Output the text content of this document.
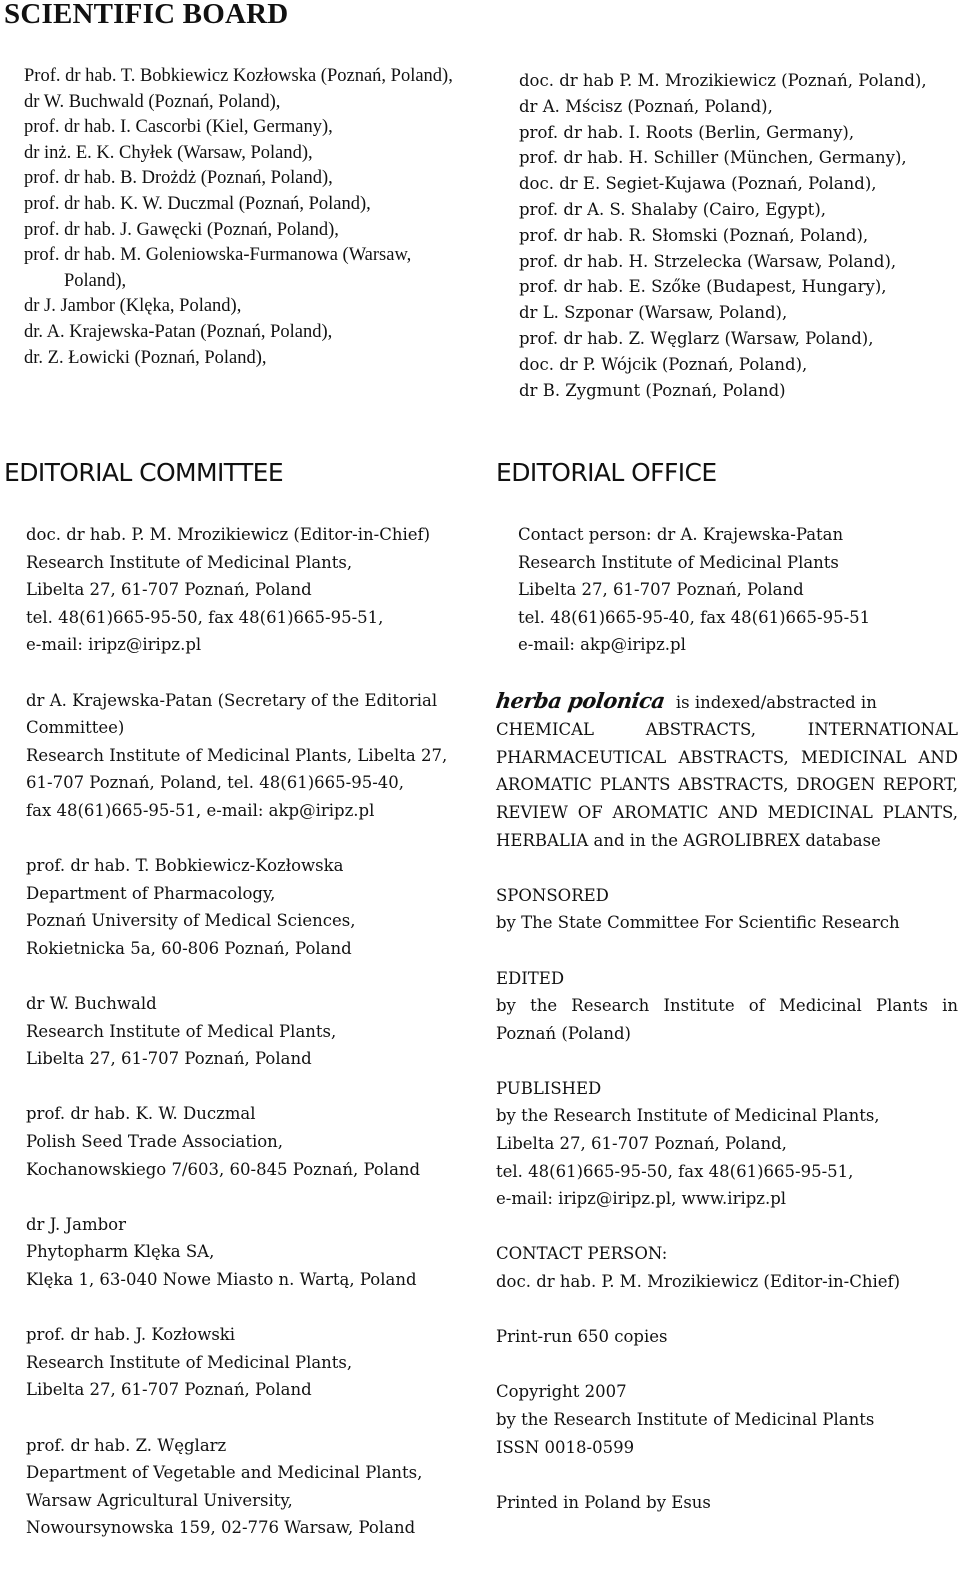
SCIENTIFIC BOARD
Prof. dr hab. T. Bobkiewicz Kozłowska (Poznań, Poland),
dr W. Buchwald (Poznań, Poland),
prof. dr hab. I. Cascorbi (Kiel, Germany),
dr inż. E. K. Chyłek (Warsaw, Poland),
prof. dr hab. B. Drożdż (Poznań, Poland),
prof. dr hab. K. W. Duczmal (Poznań, Poland),
prof. dr hab. J. Gawęcki (Poznań, Poland),
prof. dr hab. M. Goleniowska-Furmanowa (Warsaw, Poland),
dr J. Jambor (Klęka, Poland),
dr. A. Krajewska-Patan (Poznań, Poland),
dr. Z. Łowicki (Poznań, Poland),
doc. dr hab P. M. Mrozikiewicz (Poznań, Poland),
dr A. Mścisz (Poznań, Poland),
prof. dr hab. I. Roots (Berlin, Germany),
prof. dr hab. H. Schiller (München, Germany),
doc. dr E. Segiet-Kujawa (Poznań, Poland),
prof. dr A. S. Shalaby (Cairo, Egypt),
prof. dr hab. R. Słomski (Poznań, Poland),
prof. dr hab. H. Strzelecka (Warsaw, Poland),
prof. dr hab. E. Szőke (Budapest, Hungary),
dr L. Szponar (Warsaw, Poland),
prof. dr hab. Z. Węglarz (Warsaw, Poland),
doc. dr P. Wójcik (Poznań, Poland),
dr B. Zygmunt (Poznań, Poland)
EDITORIAL COMMITTEE	EDITORIAL OFFICE
doc. dr hab. P. M. Mrozikiewicz (Editor-in-Chief)
Research Institute of Medicinal Plants,
Libelta 27, 61-707 Poznań, Poland
tel. 48(61)665-95-50, fax 48(61)665-95-51,
e-mail: iripz@iripz.pl
dr A. Krajewska-Patan (Secretary of the Editorial
Committee)
Research Institute of Medicinal Plants, Libelta 27,
61-707 Poznań, Poland, tel. 48(61)665-95-40,
fax 48(61)665-95-51, e-mail: akp@iripz.pl
prof. dr hab. T. Bobkiewicz-Kozłowska
Department of Pharmacology,
Poznań University of Medical Sciences,
Rokietnicka 5a, 60-806 Poznań, Poland
dr W. Buchwald
Research Institute of Medical Plants,
Libelta 27, 61-707 Poznań, Poland
prof. dr hab. K. W. Duczmal
Polish Seed Trade Association,
Kochanowskiego 7/603, 60-845 Poznań, Poland
dr J. Jambor
Phytopharm Klęka SA,
Klęka 1, 63-040 Nowe Miasto n. Wartą, Poland
prof. dr hab. J. Kozłowski
Research Institute of Medicinal Plants,
Libelta 27, 61-707 Poznań, Poland
prof. dr hab. Z. Węglarz
Department of Vegetable and Medicinal Plants,
Warsaw Agricultural University,
Nowoursynowska 159, 02-776 Warsaw, Poland
Contact person: dr A. Krajewska-Patan
Research Institute of Medicinal Plants
Libelta 27, 61-707 Poznań, Poland
tel. 48(61)665-95-40, fax 48(61)665-95-51
e-mail: akp@iripz.pl
herba polonica is indexed/abstracted in
CHEMICAL ABSTRACTS, INTERNATIONAL PHARMACEUTICAL ABSTRACTS, MEDICINAL AND AROMATIC PLANTS ABSTRACTS, DROGEN REPORT, REVIEW OF AROMATIC AND MEDICINAL PLANTS, HERBALIA and in the AGROLIBREX database
SPONSORED
by The State Committee For Scientific Research
EDITED
by the Research Institute of Medicinal Plants in Poznań (Poland)
PUBLISHED
by the Research Institute of Medicinal Plants,
Libelta 27, 61-707 Poznań, Poland,
tel. 48(61)665-95-50, fax 48(61)665-95-51,
e-mail: iripz@iripz.pl, www.iripz.pl
CONTACT PERSON:
doc. dr hab. P. M. Mrozikiewicz (Editor-in-Chief)
Print-run 650 copies
Copyright 2007
by the Research Institute of Medicinal Plants
ISSN 0018-0599
Printed in Poland by Esus
